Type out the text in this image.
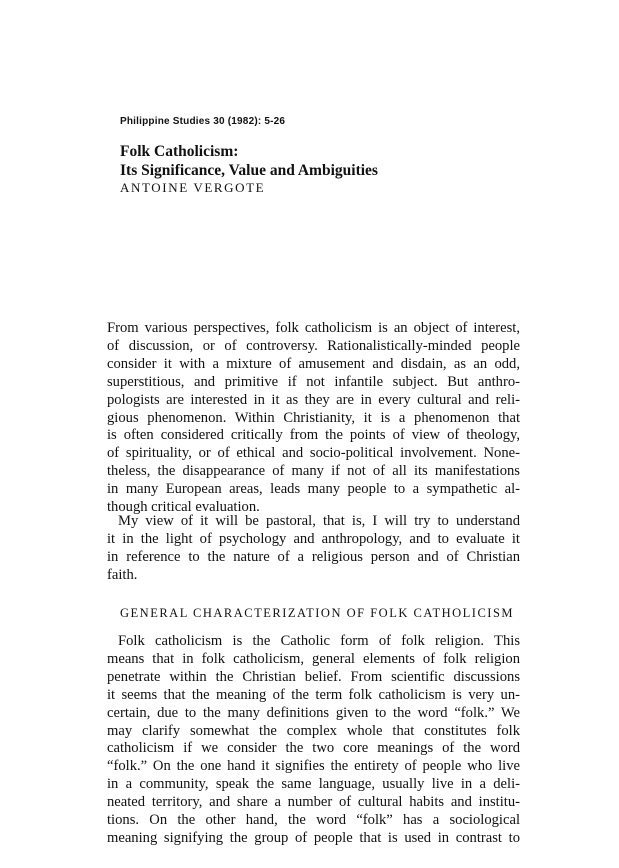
Philippine Studies 30 (1982): 5-26
Folk Catholicism:
Its Significance, Value and Ambiguities
ANTOINE VERGOTE
From various perspectives, folk catholicism is an object of interest,
of discussion, or of controversy. Rationalistically-minded people
consider it with a mixture of amusement and disdain, as an odd,
superstitious, and primitive if not infantile subject. But anthro-
pologists are interested in it as they are in every cultural and reli-
gious phenomenon. Within Christianity, it is a phenomenon that
is often considered critically from the points of view of theology,
of spirituality, or of ethical and socio-political involvement. None-
theless, the disappearance of many if not of all its manifestations
in many European areas, leads many people to a sympathetic al-
though critical evaluation.
My view of it will be pastoral, that is, I will try to understand
it in the light of psychology and anthropology, and to evaluate it
in reference to the nature of a religious person and of Christian
faith.
GENERAL CHARACTERIZATION OF FOLK CATHOLICISM
Folk catholicism is the Catholic form of folk religion. This
means that in folk catholicism, general elements of folk religion
penetrate within the Christian belief. From scientific discussions
it seems that the meaning of the term folk catholicism is very un-
certain, due to the many definitions given to the word “folk.” We
may clarify somewhat the complex whole that constitutes folk
catholicism if we consider the two core meanings of the word
“folk.” On the one hand it signifies the entirety of people who live
in a community, speak the same language, usually live in a deli-
neated territory, and share a number of cultural habits and institu-
tions. On the other hand, the word “folk” has a sociological
meaning signifying the group of people that is used in contrast to
